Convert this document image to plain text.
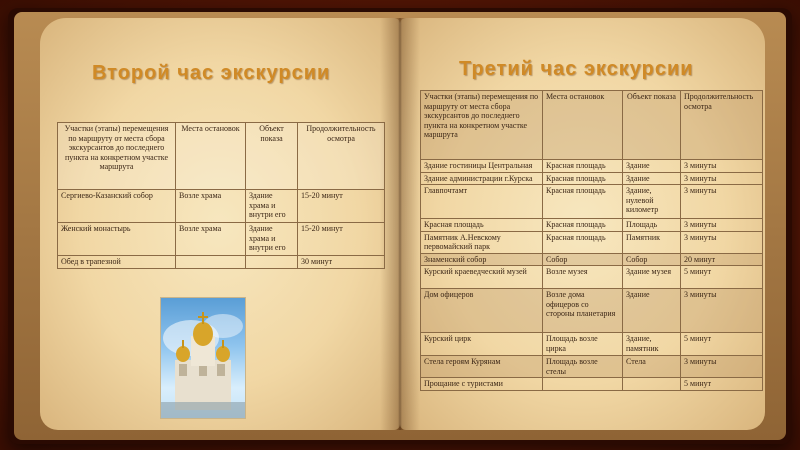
Второй час экскурсии	Третий час экскурсии
Участки (этапы) перемещения по маршруту от места сбора экскурсантов до последнего пункта на конкретном участке маршрута	Места остановок	Объект показа	Продолжительность осмотра
Сергиево-Казанский собор	Возле храма	Здание храма и внутри его	15-20 минут
Женский монастырь	Возле храма	Здание храма и внутри его	15-20 минут
Обед в трапезной			30 минут
Участки (этапы) перемещения по маршруту от места сбора экскурсантов до последнего пункта на конкретном участке маршрута	Места остановок	Объект показа	Продолжительность осмотра
Здание гостиницы Центральная	Красная площадь	Здание	3 минуты
Здание администрации г.Курска	Красная площадь	Здание	3 минуты
Главпочтамт	Красная площадь	Здание, нулевой километр	3 минуты
Красная площадь	Красная площадь	Площадь	3 минуты
Памятник А.Невскому первомайский парк	Красная площадь	Памятник	3 минуты
Знаменский собор	Собор	Собор	20 минут
Курский краеведческий музей	Возле музея	Здание музея	5 минут
Дом офицеров	Возле дома офицеров со стороны планетария	Здание	3 минуты
Курский цирк	Площадь возле цирка	Здание, памятник	5 минут
Стела героям Курянам	Площадь возле стелы	Стела	3 минуты
Прощание с туристами			5 минут
